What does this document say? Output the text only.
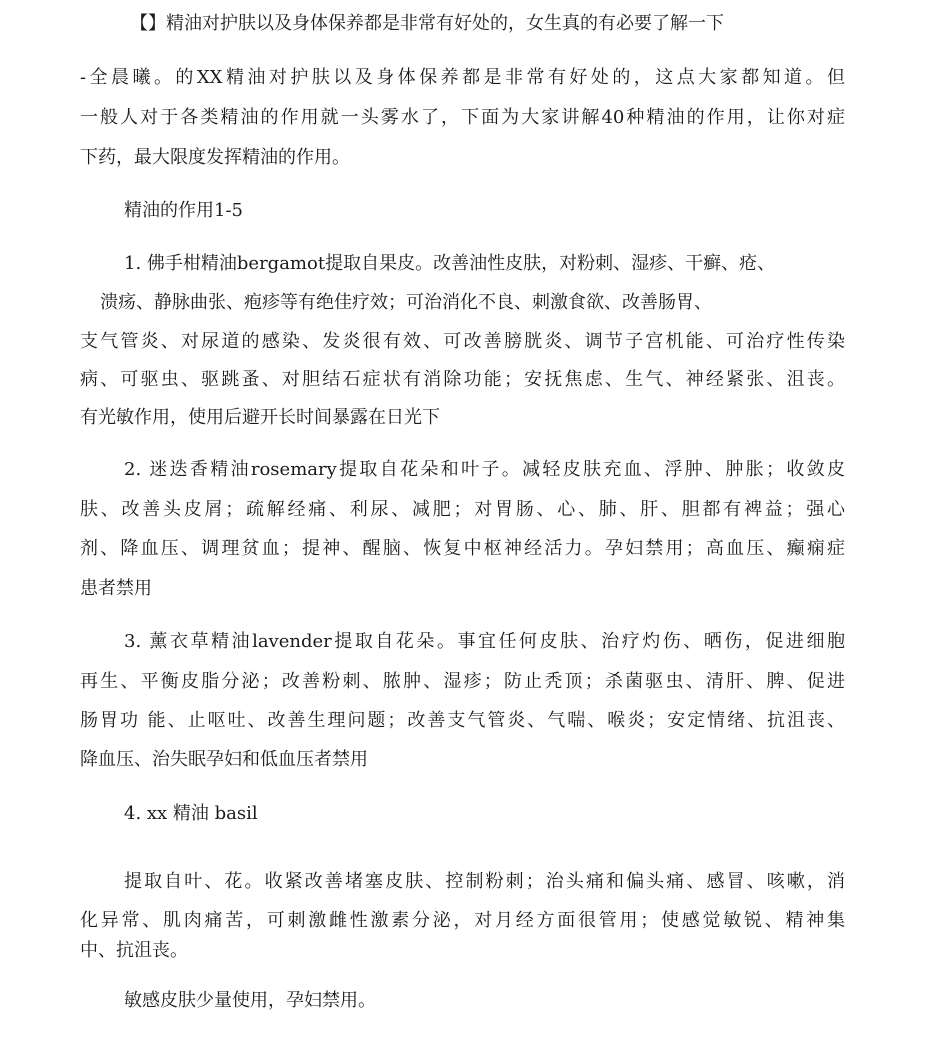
【】精油对护肤以及身体保养都是非常有好处的，女生真的有必要了解一下
-全晨曦。的XX精油对护肤以及身体保养都是非常有好处的，这点大家都知道。但
一般人对于各类精油的作用就一头雾水了，下面为大家讲解40种精油的作用，让你对症
下药，最大限度发挥精油的作用。
精油的作用1-5
1. 佛手柑精油bergamot提取自果皮。改善油性皮肤，对粉刺、湿疹、干癣、疮、
溃疡、静脉曲张、疱疹等有绝佳疗效；可治消化不良、刺激食欲、改善肠胃、
支气管炎、对尿道的感染、发炎很有效、可改善膀胱炎、调节子宫机能、可治疗性传染
病、可驱虫、驱跳蚤、对胆结石症状有消除功能；安抚焦虑、生气、神经紧张、沮丧。
有光敏作用，使用后避开长时间暴露在日光下
2. 迷迭香精油rosemary提取自花朵和叶子。减轻皮肤充血、浮肿、肿胀；收敛皮
肤、改善头皮屑；疏解经痛、利尿、减肥；对胃肠、心、肺、肝、胆都有裨益；强心
剂、降血压、调理贫血；提神、醒脑、恢复中枢神经活力。孕妇禁用；高血压、癫痫症
患者禁用
3. 薰衣草精油lavender提取自花朵。事宜任何皮肤、治疗灼伤、晒伤，促进细胞
再生、平衡皮脂分泌；改善粉刺、脓肿、湿疹；防止秃顶；杀菌驱虫、清肝、脾、促进
肠胃功 能、止呕吐、改善生理问题；改善支气管炎、气喘、喉炎；安定情绪、抗沮丧、
降血压、治失眠孕妇和低血压者禁用
4. xx 精油 basil
提取自叶、花。收紧改善堵塞皮肤、控制粉刺；治头痛和偏头痛、感冒、咳嗽，消
化异常、肌肉痛苦，可刺激雌性激素分泌，对月经方面很管用；使感觉敏锐、精神集
中、抗沮丧。
敏感皮肤少量使用，孕妇禁用。
